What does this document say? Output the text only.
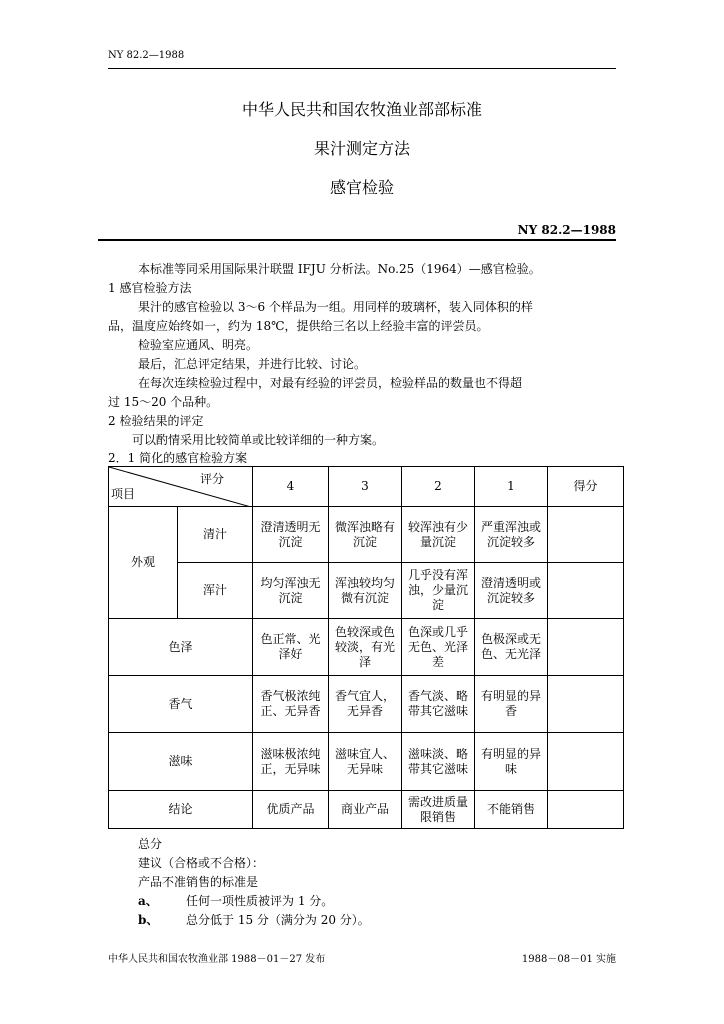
NY 82.2—1988
中华人民共和国农牧渔业部部标准
果汁测定方法
感官检验
NY 82.2—1988
本标准等同采用国际果汁联盟 IFJU 分析法。No.25（1964）—感官检验。
1 感官检验方法
果汁的感官检验以 3～6 个样品为一组。用同样的玻璃杯，装入同体积的样
品，温度应始终如一，约为 18℃，提供给三名以上经验丰富的评尝员。
检验室应通风、明亮。
最后，汇总评定结果，并进行比较、讨论。
在每次连续检验过程中，对最有经验的评尝员，检验样品的数量也不得超
过 15～20 个品种。
2 检验结果的评定
可以酌情采用比较简单或比较详细的一种方案。
2．1 简化的感官检验方案
评分
项目		4	3	2	1	得分
外观	清汁	澄清透明无沉淀	微浑浊略有沉淀	较浑浊有少量沉淀	严重浑浊或沉淀较多	
	浑汁	均匀浑浊无沉淀	浑浊较均匀微有沉淀	几乎没有浑浊，少量沉淀	澄清透明或沉淀较多	
色泽		色正常、光泽好	色较深或色较淡，有光泽	色深或几乎无色、光泽差	色极深或无色、无光泽	
香气		香气极浓纯正、无异香	香气宜人，无异香	香气淡、略带其它滋味	有明显的异香	
滋味		滋味极浓纯正，无异味	滋味宜人、无异味	滋味淡、略带其它滋味	有明显的异味	
结论		优质产品	商业产品	需改进质量限销售	不能销售	
总分
建议（合格或不合格）：
产品不准销售的标准是
a、	任何一项性质被评为 1 分。
b、	总分低于 15 分（满分为 20 分）。
中华人民共和国农牧渔业部 1988－01－27 发布	1988－08－01 实施
